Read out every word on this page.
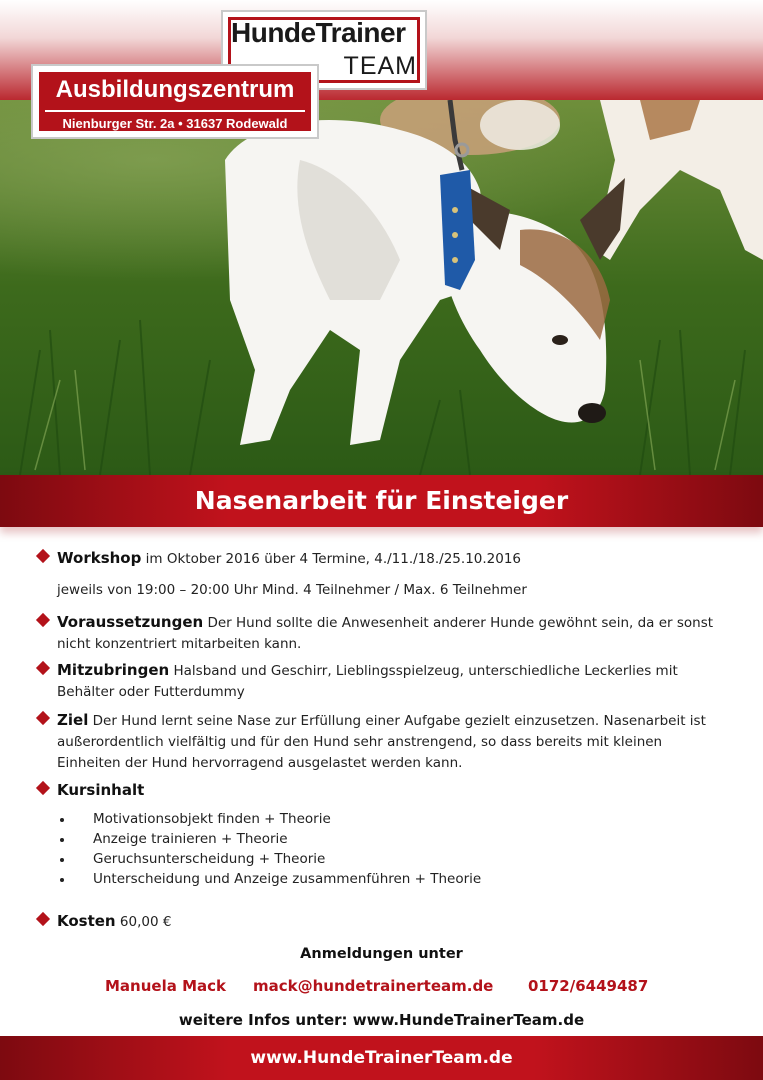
HundeTrainer
TEAM
Ausbildungszentrum
Nienburger Str. 2a • 31637 Rodewald
Nasenarbeit für Einsteiger
Workshop im Oktober 2016 über 4 Termine, 4./11./18./25.10.2016
jeweils von 19:00 – 20:00 Uhr Mind. 4 Teilnehmer / Max. 6 Teilnehmer
Voraussetzungen Der Hund sollte die Anwesenheit anderer Hunde gewöhnt sein, da er sonst nicht konzentriert mitarbeiten kann.
Mitzubringen Halsband und Geschirr, Lieblingsspielzeug, unterschiedliche Leckerlies mit Behälter oder Futterdummy
Ziel Der Hund lernt seine Nase zur Erfüllung einer Aufgabe gezielt einzusetzen. Nasenarbeit ist außerordentlich vielfältig und für den Hund sehr anstrengend, so dass bereits mit kleinen Einheiten der Hund hervorragend ausgelastet werden kann.
Kursinhalt
Motivationsobjekt finden + Theorie
Anzeige trainieren + Theorie
Geruchsunterscheidung + Theorie
Unterscheidung und Anzeige zusammenführen + Theorie
Kosten 60,00 €
Anmeldungen unter
Manuela Mack mack@hundetrainerteam.de 0172/6449487
weitere Infos unter: www.HundeTrainerTeam.de
www.HundeTrainerTeam.de
